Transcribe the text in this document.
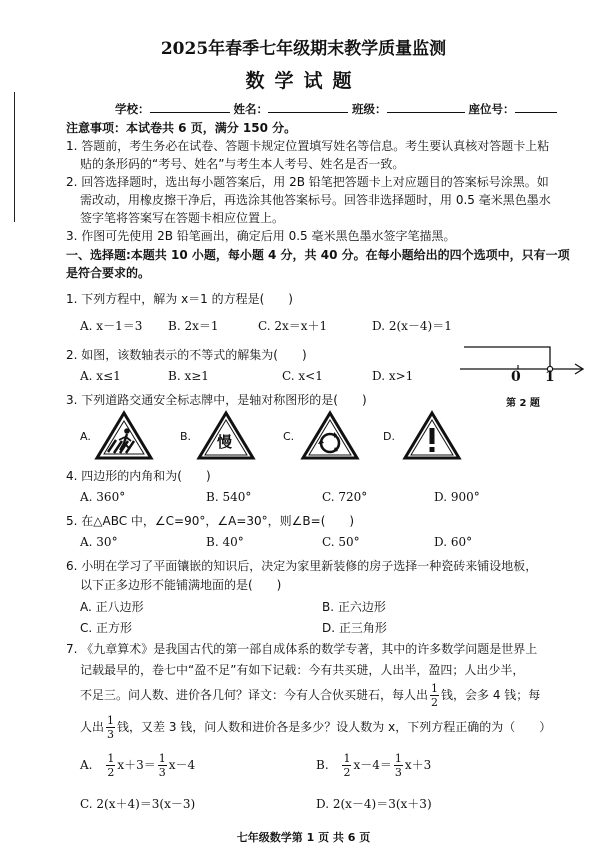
2025年春季七年级期末教学质量监测
数学试题
学校：	姓名：	班级：	座位号：
注意事项：本试卷共 6 页，满分 150 分。
1. 答题前，考生务必在试卷、答题卡规定位置填写姓名等信息。考生要认真核对答题卡上粘
贴的条形码的“考号、姓名”与考生本人考号、姓名是否一致。
2. 回答选择题时，选出每小题答案后，用 2B 铅笔把答题卡上对应题目的答案标号涂黑。如
需改动，用橡皮擦干净后，再选涂其他答案标号。回答非选择题时，用 0.5 毫米黑色墨水
签字笔将答案写在答题卡相应位置上。
3. 作图可先使用 2B 铅笔画出，确定后用 0.5 毫米黑色墨水签字笔描黑。
一、选择题:本题共 10 小题，每小题 4 分，共 40 分。在每小题给出的四个选项中，只有一项
是符合要求的。
1. 下列方程中，解为 x＝1 的方程是(　　)
A. x－1＝3 B. 2x＝1	C. 2x＝x＋1	D. 2(x－4)＝1
2. 如图，该数轴表示的不等式的解集为(　　)
A. x≤1	B. x≥1	C. x<1	D. x>1	0 1
第 2 题
3. 下列道路交通安全标志牌中，是轴对称图形的是(　　)
A.	B. 慢	C.	D.
4. 四边形的内角和为(　　)
A. 360°	B. 540°	C. 720°	D. 900°
5. 在△ABC 中，∠C=90°，∠A=30°，则∠B=(　　)
A. 30°	B. 40°	C. 50°	D. 60°
6. 小明在学习了平面镶嵌的知识后，决定为家里新装修的房子选择一种瓷砖来铺设地板，
以下正多边形不能铺满地面的是(　　)
A. 正八边形	B. 正六边形
C. 正方形	D. 正三角形
7. 《九章算术》是我国古代的第一部自成体系的数学专著，其中的许多数学问题是世界上
记载最早的，卷七中“盈不足”有如下记载：今有共买琎，人出半，盈四；人出少半，
不足三。问人数、进价各几何？译文：今有人合伙买琎石，每人出 $\frac{1}{2}$ 钱，会多 4 钱；每
人出 $\frac{1}{3}$ 钱，又差 3 钱，问人数和进价各是多少？设人数为 x，下列方程正确的为（　　）
A. $\frac{1}{2} x+3= \frac{1}{3} x-4$	B. $\frac{1}{2} x-4= \frac{1}{3} x+3$
C. 2(x＋4)＝3(x－3)	D. 2(x－4)＝3(x＋3)
七年级数学第 1 页 共 6 页
